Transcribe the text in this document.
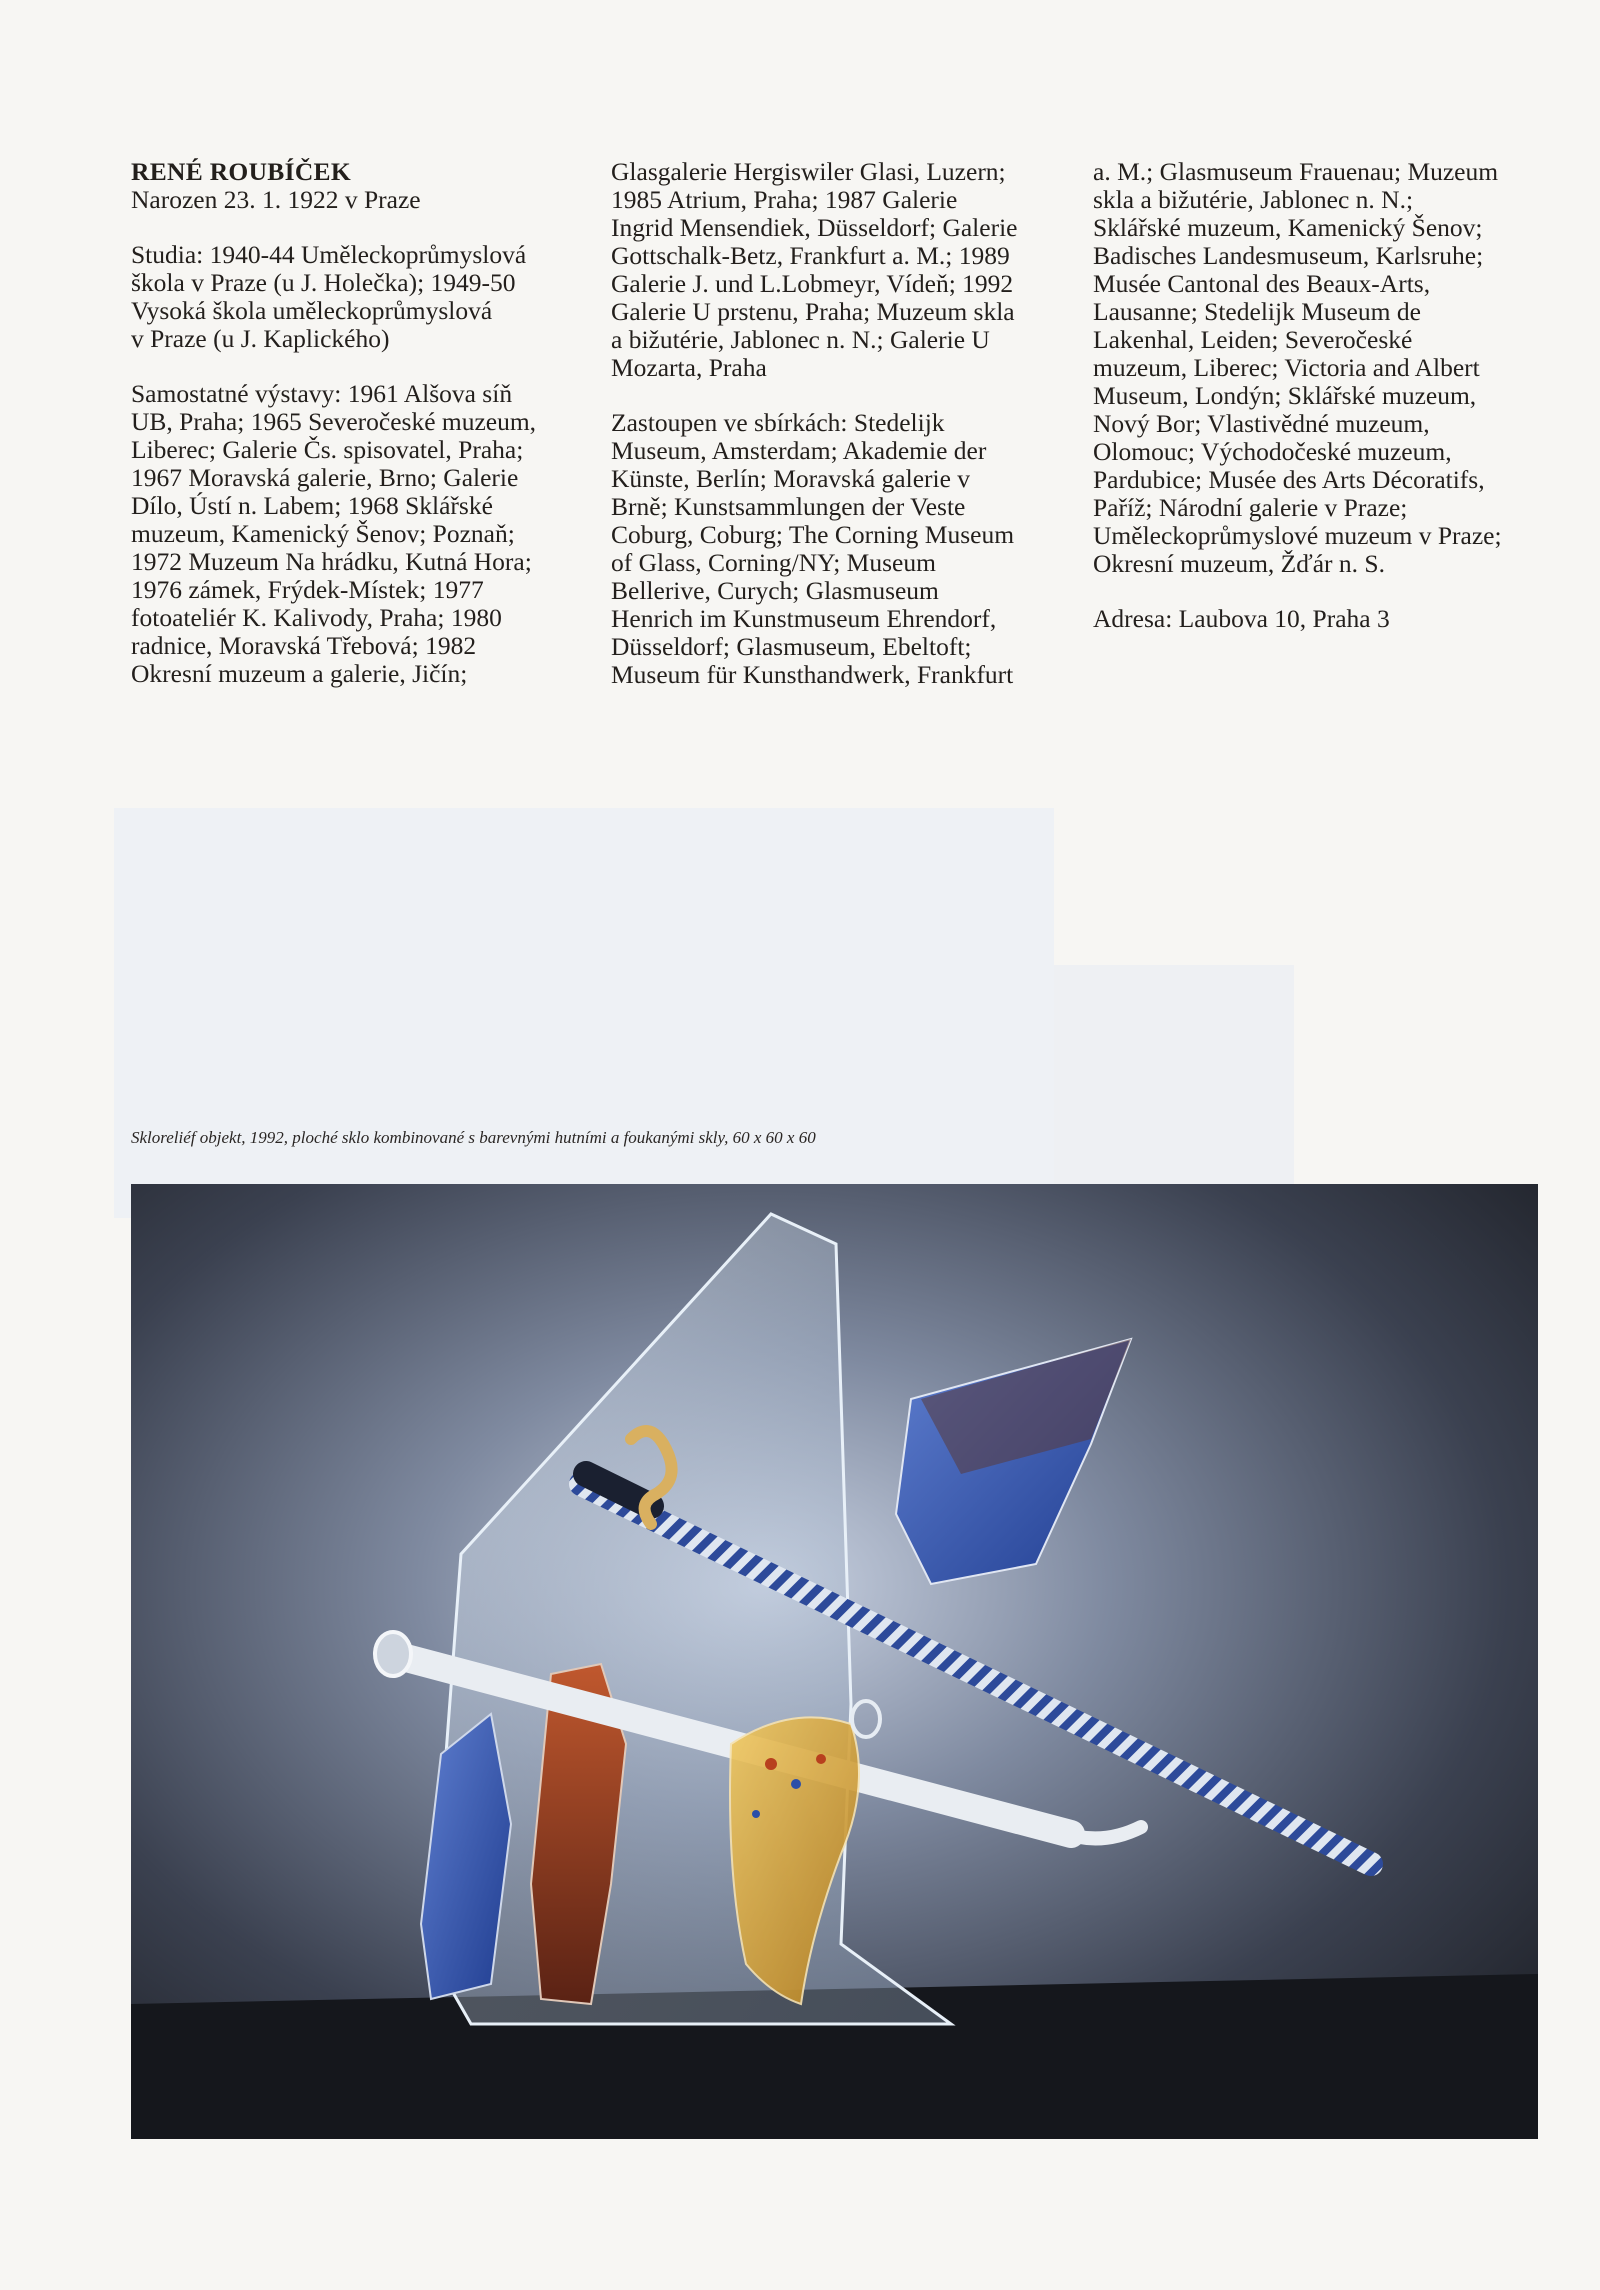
RENÉ ROUBÍČEK
Narozen 23. 1. 1922 v Praze

Studia: 1940-44 Uměleckoprůmyslová
škola v Praze (u J. Holečka); 1949-50
Vysoká škola uměleckoprůmyslová
v Praze (u J. Kaplického)

Samostatné výstavy: 1961 Alšova síň
UB, Praha; 1965 Severočeské muzeum,
Liberec; Galerie Čs. spisovatel, Praha;
1967 Moravská galerie, Brno; Galerie
Dílo, Ústí n. Labem; 1968 Sklářské
muzeum, Kamenický Šenov; Poznaň;
1972 Muzeum Na hrádku, Kutná Hora;
1976 zámek, Frýdek-Místek; 1977
fotoateliér K. Kalivody, Praha; 1980
radnice, Moravská Třebová; 1982
Okresní muzeum a galerie, Jičín;

Glasgalerie Hergiswiler Glasi, Luzern;
1985 Atrium, Praha; 1987 Galerie
Ingrid Mensendiek, Düsseldorf; Galerie
Gottschalk-Betz, Frankfurt a. M.; 1989
Galerie J. und L.Lobmeyr, Vídeň; 1992
Galerie U prstenu, Praha; Muzeum skla
a bižutérie, Jablonec n. N.; Galerie U
Mozarta, Praha

Zastoupen ve sbírkách: Stedelijk
Museum, Amsterdam; Akademie der
Künste, Berlín; Moravská galerie v
Brně; Kunstsammlungen der Veste
Coburg, Coburg; The Corning Museum
of Glass, Corning/NY; Museum
Bellerive, Curych; Glasmuseum
Henrich im Kunstmuseum Ehrendorf,
Düsseldorf; Glasmuseum, Ebeltoft;
Museum für Kunsthandwerk, Frankfurt

a. M.; Glasmuseum Frauenau; Muzeum
skla a bižutérie, Jablonec n. N.;
Sklářské muzeum, Kamenický Šenov;
Badisches Landesmuseum, Karlsruhe;
Musée Cantonal des Beaux-Arts,
Lausanne; Stedelijk Museum de
Lakenhal, Leiden; Severočeské
muzeum, Liberec; Victoria and Albert
Museum, Londýn; Sklářské muzeum,
Nový Bor; Vlastivědné muzeum,
Olomouc; Východočeské muzeum,
Pardubice; Musée des Arts Décoratifs,
Paříž; Národní galerie v Praze;
Uměleckoprůmyslové muzeum v Praze;
Okresní muzeum, Žďár n. S.

Adresa: Laubova 10, Praha 3

Skloreliéf objekt, 1992, ploché sklo kombinované s barevnými hutními a foukanými skly, 60 x 60 x 60
